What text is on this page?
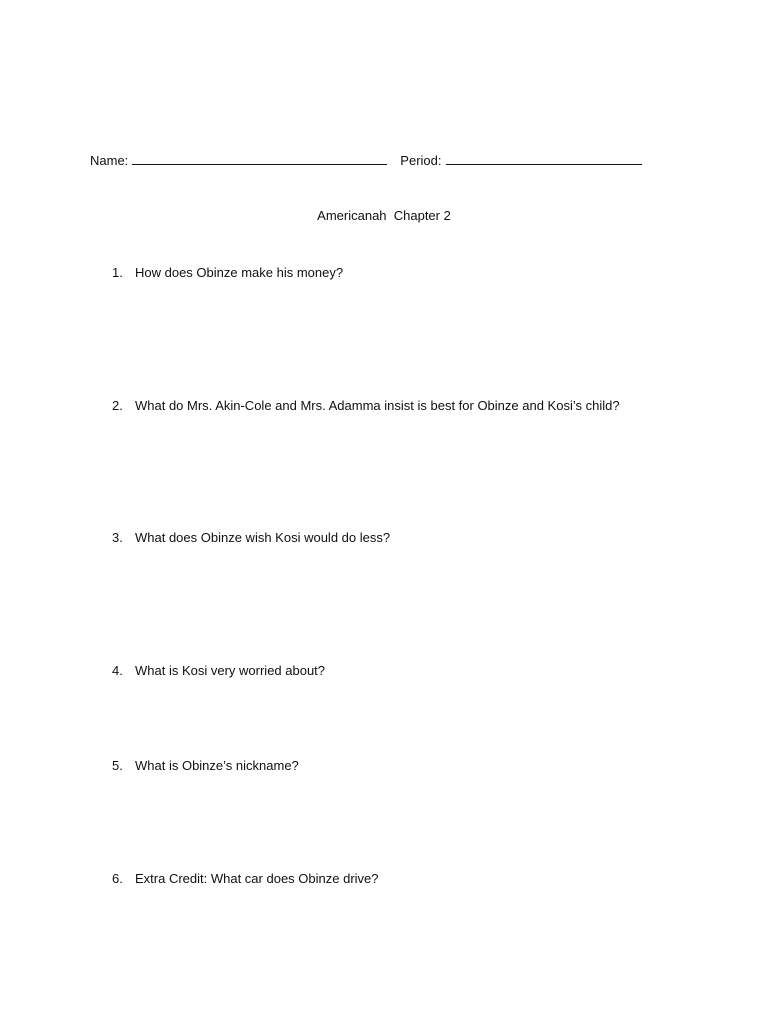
Name:	Period:
Americanah  Chapter 2
1. How does Obinze make his money?
2. What do Mrs. Akin-Cole and Mrs. Adamma insist is best for Obinze and Kosi’s child?
3. What does Obinze wish Kosi would do less?
4. What is Kosi very worried about?
5. What is Obinze’s nickname?
6. Extra Credit: What car does Obinze drive?
